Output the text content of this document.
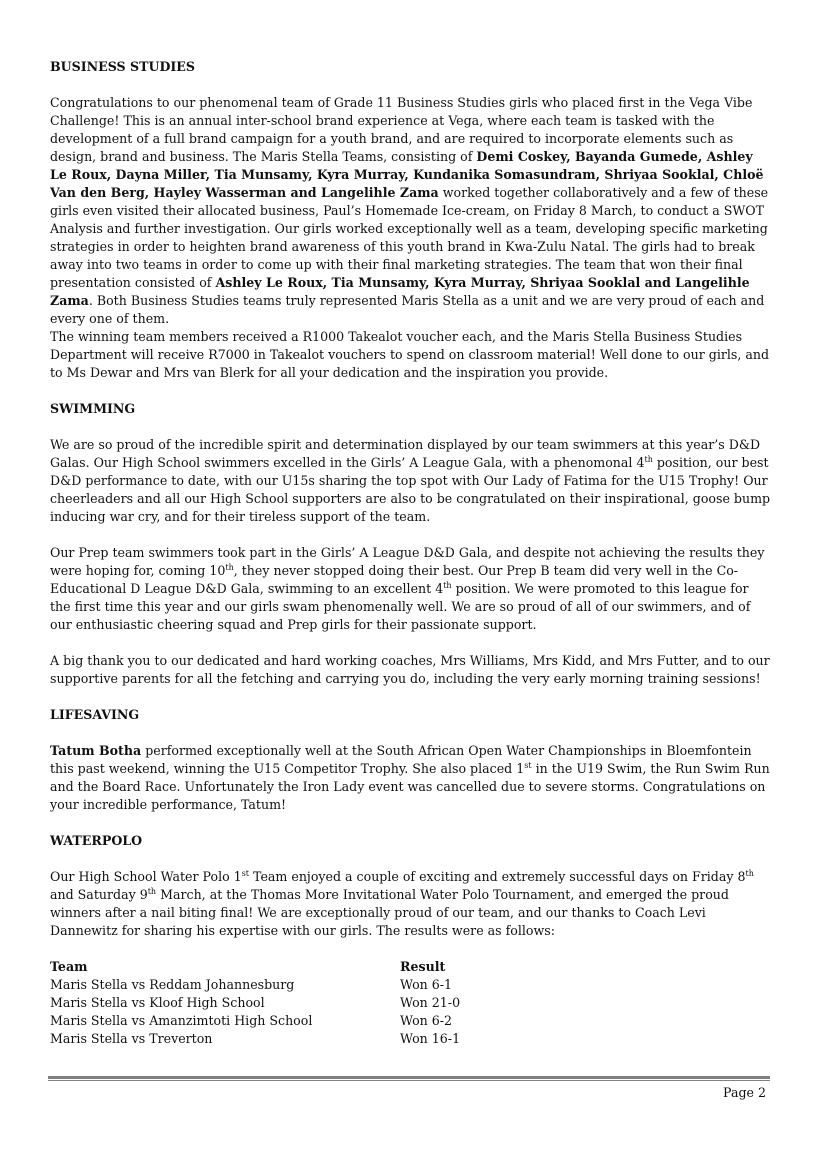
BUSINESS STUDIES

Congratulations to our phenomenal team of Grade 11 Business Studies girls who placed first in the Vega Vibe Challenge! This is an annual inter-school brand experience at Vega, where each team is tasked with the development of a full brand campaign for a youth brand, and are required to incorporate elements such as design, brand and business. The Maris Stella Teams, consisting of Demi Coskey, Bayanda Gumede, Ashley Le Roux, Dayna Miller, Tia Munsamy, Kyra Murray, Kundanika Somasundram, Shriyaa Sooklal, Chloë Van den Berg, Hayley Wasserman and Langelihle Zama worked together collaboratively and a few of these girls even visited their allocated business, Paul’s Homemade Ice-cream, on Friday 8 March, to conduct a SWOT Analysis and further investigation. Our girls worked exceptionally well as a team, developing specific marketing strategies in order to heighten brand awareness of this youth brand in Kwa-Zulu Natal. The girls had to break away into two teams in order to come up with their final marketing strategies. The team that won their final presentation consisted of Ashley Le Roux, Tia Munsamy, Kyra Murray, Shriyaa Sooklal and Langelihle Zama. Both Business Studies teams truly represented Maris Stella as a unit and we are very proud of each and every one of them.

The winning team members received a R1000 Takealot voucher each, and the Maris Stella Business Studies Department will receive R7000 in Takealot vouchers to spend on classroom material! Well done to our girls, and to Ms Dewar and Mrs van Blerk for all your dedication and the inspiration you provide.

SWIMMING

We are so proud of the incredible spirit and determination displayed by our team swimmers at this year’s D&D Galas. Our High School swimmers excelled in the Girls’ A League Gala, with a phenomonal 4th position, our best D&D performance to date, with our U15s sharing the top spot with Our Lady of Fatima for the U15 Trophy! Our cheerleaders and all our High School supporters are also to be congratulated on their inspirational, goose bump inducing war cry, and for their tireless support of the team.

Our Prep team swimmers took part in the Girls’ A League D&D Gala, and despite not achieving the results they were hoping for, coming 10th, they never stopped doing their best. Our Prep B team did very well in the Co-Educational D League D&D Gala, swimming to an excellent 4th position. We were promoted to this league for the first time this year and our girls swam phenomenally well. We are so proud of all of our swimmers, and of our enthusiastic cheering squad and Prep girls for their passionate support.

A big thank you to our dedicated and hard working coaches, Mrs Williams, Mrs Kidd, and Mrs Futter, and to our supportive parents for all the fetching and carrying you do, including the very early morning training sessions!

LIFESAVING

Tatum Botha performed exceptionally well at the South African Open Water Championships in Bloemfontein this past weekend, winning the U15 Competitor Trophy. She also placed 1st in the U19 Swim, the Run Swim Run and the Board Race. Unfortunately the Iron Lady event was cancelled due to severe storms. Congratulations on your incredible performance, Tatum!

WATERPOLO

Our High School Water Polo 1st Team enjoyed a couple of exciting and extremely successful days on Friday 8th and Saturday 9th March, at the Thomas More Invitational Water Polo Tournament, and emerged the proud winners after a nail biting final! We are exceptionally proud of our team, and our thanks to Coach Levi Dannewitz for sharing his expertise with our girls. The results were as follows:

Team	Result
Maris Stella vs Reddam Johannesburg	Won 6-1
Maris Stella vs Kloof High School	Won 21-0
Maris Stella vs Amanzimtoti High School	Won 6-2
Maris Stella vs Treverton	Won 16-1
Page 2
